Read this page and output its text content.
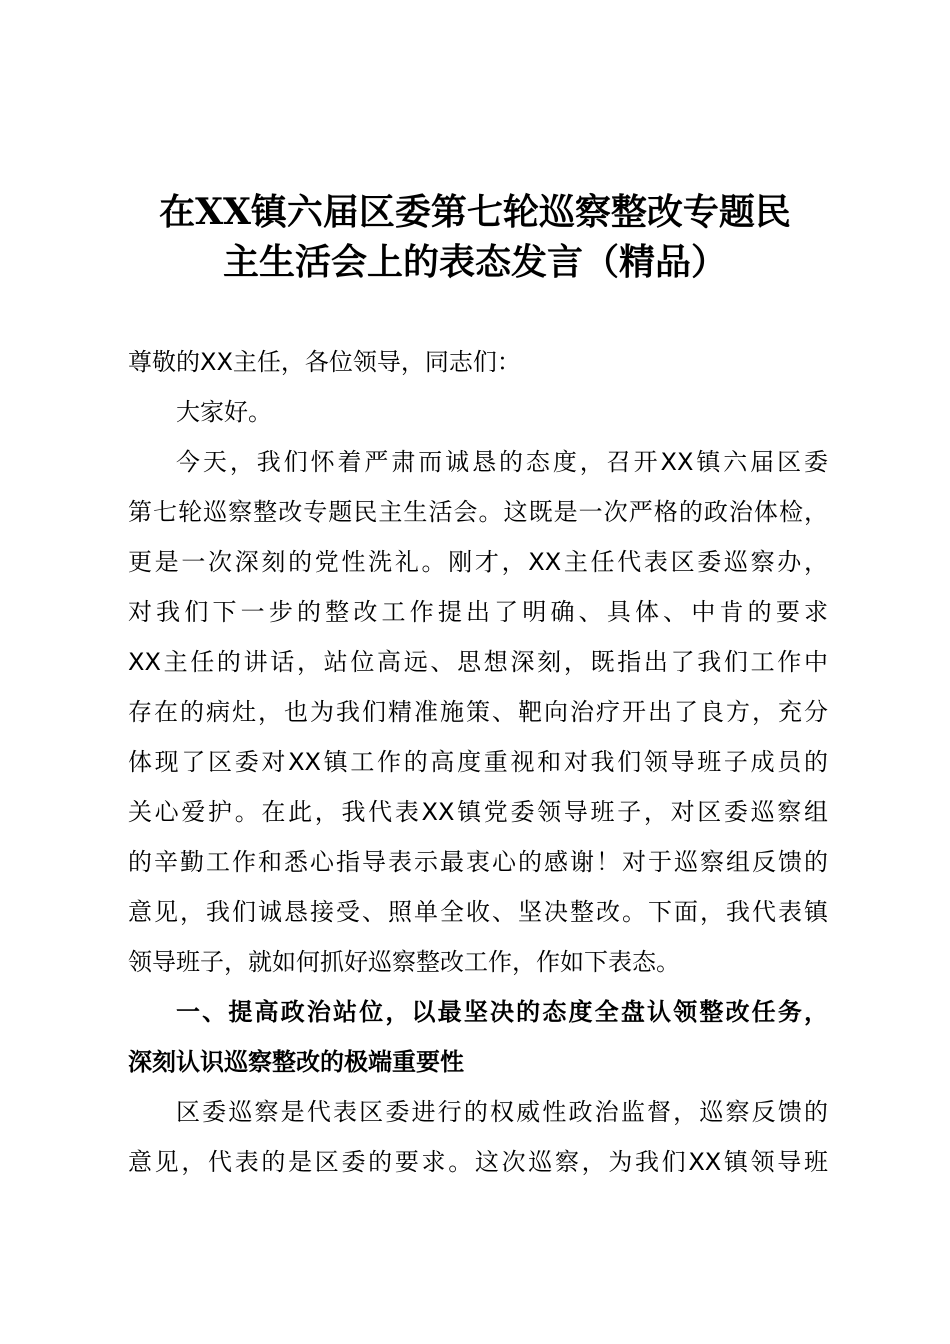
在XX镇六届区委第七轮巡察整改专题民
主生活会上的表态发言（精品）
尊敬的XX主任，各位领导，同志们：
大家好。
今天，我们怀着严肃而诚恳的态度，召开XX镇六届区委
第七轮巡察整改专题民主生活会。这既是一次严格的政治体检，
更是一次深刻的党性洗礼。刚才，XX主任代表区委巡察办，
对我们下一步的整改工作提出了明确、具体、中肯的要求
XX主任的讲话，站位高远、思想深刻，既指出了我们工作中
存在的病灶，也为我们精准施策、靶向治疗开出了良方，充分
体现了区委对XX镇工作的高度重视和对我们领导班子成员的
关心爱护。在此，我代表XX镇党委领导班子，对区委巡察组
的辛勤工作和悉心指导表示最衷心的感谢！对于巡察组反馈的
意见，我们诚恳接受、照单全收、坚决整改。下面，我代表镇
领导班子，就如何抓好巡察整改工作，作如下表态。
一、提高政治站位，以最坚决的态度全盘认领整改任务，
深刻认识巡察整改的极端重要性
区委巡察是代表区委进行的权威性政治监督，巡察反馈的
意见，代表的是区委的要求。这次巡察，为我们XX镇领导班
